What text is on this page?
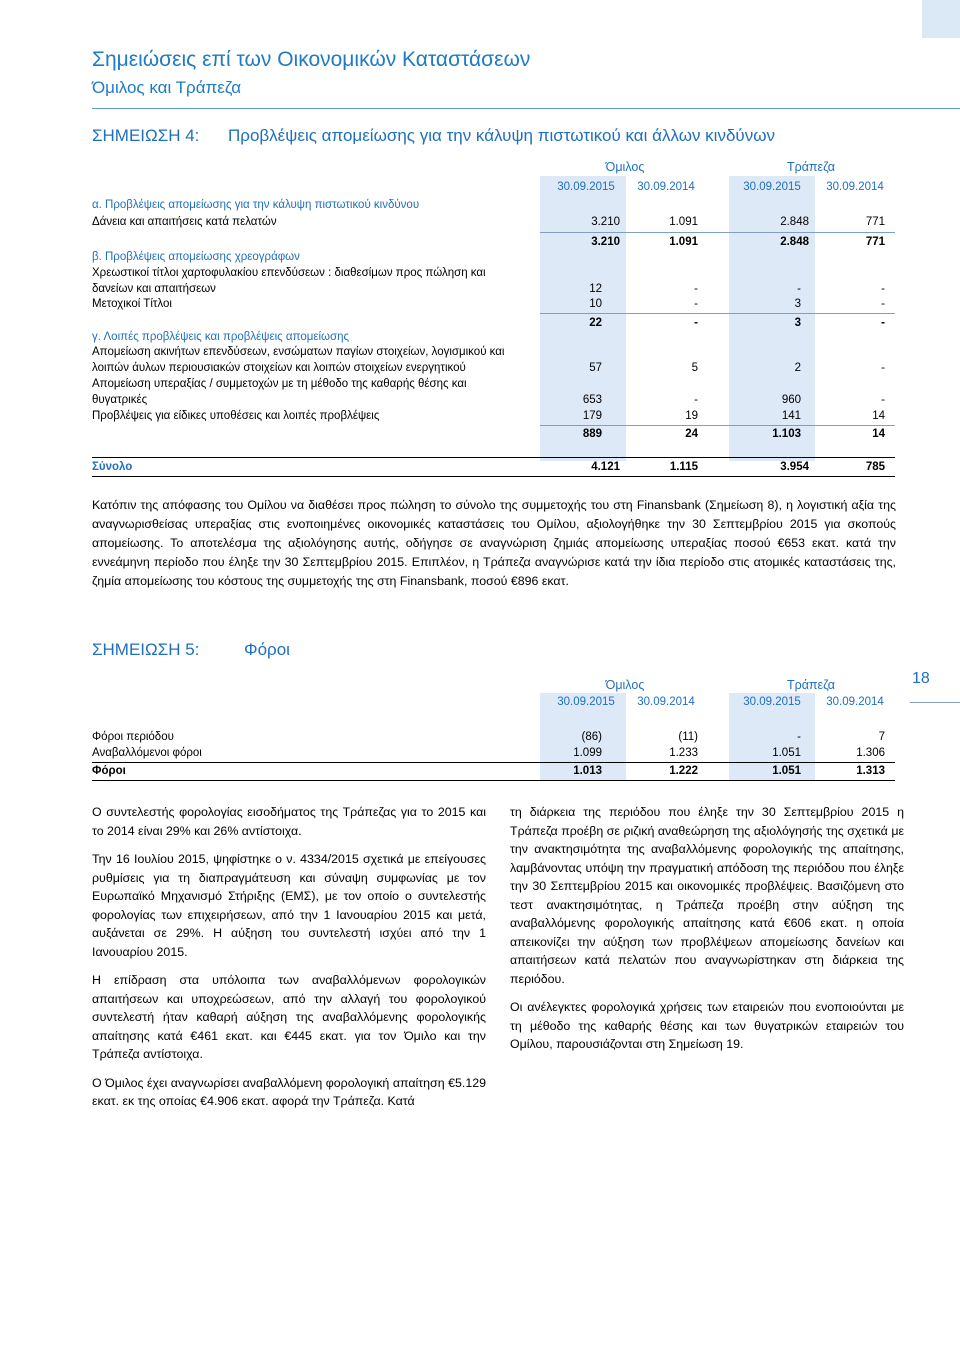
Σημειώσεις επί των Οικονομικών Καταστάσεων
Όμιλος και Τράπεζα
ΣΗΜΕΙΩΣΗ 4: Προβλέψεις απομείωσης για την κάλυψη πιστωτικού και άλλων κινδύνων
Όμιλος	Τράπεζα
30.09.2015	30.09.2014	30.09.2015	30.09.2014
α. Προβλέψεις απομείωσης για την κάλυψη πιστωτικού κινδύνου
Δάνεια και απαιτήσεις κατά πελατών	3.210	1.091	2.848	771
3.210	1.091	2.848	771
β. Προβλέψεις απομείωσης χρεογράφων
Χρεωστικοί τίτλοι χαρτοφυλακίου επενδύσεων : διαθεσίμων προς πώληση και
δανείων και απαιτήσεων	12	-	-	-
Μετοχικοί Τίτλοι	10	-	3	-
22	-	3	-
γ. Λοιπές προβλέψεις και προβλέψεις απομείωσης
Απομείωση ακινήτων επενδύσεων, ενσώματων παγίων στοιχείων, λογισμικού και
λοιπών άυλων περιουσιακών στοιχείων και λοιπών στοιχείων ενεργητικού	57	5	2	-
Απομείωση υπεραξίας / συμμετοχών με τη μέθοδο της καθαρής θέσης και
θυγατρικές	653	-	960	-
Προβλέψεις για είδικες υποθέσεις και λοιπές προβλέψεις	179	19	141	14
889	24	1.103	14
Σύνολο	4.121	1.115	3.954	785

Κατόπιν της απόφασης του Ομίλου να διαθέσει προς πώληση το σύνολο της συμμετοχής του στη Finansbank (Σημείωση 8), η λογιστική αξία της αναγνωρισθείσας υπεραξίας στις ενοποιημένες οικονομικές καταστάσεις του Ομίλου, αξιολογήθηκε την 30 Σεπτεμβρίου 2015 για σκοπούς απομείωσης. Το αποτελέσμα της αξιολόγησης αυτής, οδήγησε σε αναγνώριση ζημιάς απομείωσης υπεραξίας ποσού €653 εκατ. κατά την εννεάμηνη περίοδο που έληξε την 30 Σεπτεμβρίου 2015. Επιπλέον, η Τράπεζα αναγνώρισε κατά την ίδια περίοδο στις ατομικές καταστάσεις της, ζημία απομείωσης του κόστους της συμμετοχής της στη Finansbank, ποσού €896 εκατ.

ΣΗΜΕΙΩΣΗ 5:	Φόροι
Όμιλος	Τράπεζα
30.09.2015	30.09.2014	30.09.2015	30.09.2014
Φόροι περιόδου	(86)	(11)	-	7
Αναβαλλόμενοι φόροι	1.099	1.233	1.051	1.306
Φόροι	1.013	1.222	1.051	1.313
18

Ο συντελεστής φορολογίας εισοδήματος της Τράπεζας για το 2015 και το 2014 είναι 29% και 26% αντίστοιχα.

Την 16 Ιουλίου 2015, ψηφίστηκε ο ν. 4334/2015 σχετικά με επείγουσες ρυθμίσεις για τη διαπραγμάτευση και σύναψη συμφωνίας με τον Ευρωπαϊκό Μηχανισμό Στήριξης (ΕΜΣ), με τον οποίο ο συντελεστής φορολογίας των επιχειρήσεων, από την 1 Ιανουαρίου 2015 και μετά, αυξάνεται σε 29%. Η αύξηση του συντελεστή ισχύει από την 1 Ιανουαρίου 2015.

Η επίδραση στα υπόλοιπα των αναβαλλόμενων φορολογικών απαιτήσεων και υποχρεώσεων, από την αλλαγή του φορολογικού συντελεστή ήταν καθαρή αύξηση της αναβαλλόμενης φορολογικής απαίτησης κατά €461 εκατ. και €445 εκατ. για τον Όμιλο και την Τράπεζα αντίστοιχα.

Ο Όμιλος έχει αναγνωρίσει αναβαλλόμενη φορολογική απαίτηση €5.129 εκατ. εκ της οποίας €4.906 εκατ. αφορά την Τράπεζα. Κατά

τη διάρκεια της περιόδου που έληξε την 30 Σεπτεμβρίου 2015 η Τράπεζα προέβη σε ριζική αναθεώρηση της αξιολόγησής της σχετικά με την ανακτησιμότητα της αναβαλλόμενης φορολογικής της απαίτησης, λαμβάνοντας υπόψη την πραγματική απόδοση της περιόδου που έληξε την 30 Σεπτεμβρίου 2015 και οικονομικές προβλέψεις. Βασιζόμενη στο τεστ ανακτησιμότητας, η Τράπεζα προέβη στην αύξηση της αναβαλλόμενης φορολογικής απαίτησης κατά €606 εκατ. η οποία απεικονίζει την αύξηση των προβλέψεων απομείωσης δανείων και απαιτήσεων κατά πελατών που αναγνωρίστηκαν στη διάρκεια της περιόδου.

Οι ανέλεγκτες φορολογικά χρήσεις των εταιρειών που ενοποιούνται με τη μέθοδο της καθαρής θέσης και των θυγατρικών εταιρειών του Ομίλου, παρουσιάζονται στη Σημείωση 19.
